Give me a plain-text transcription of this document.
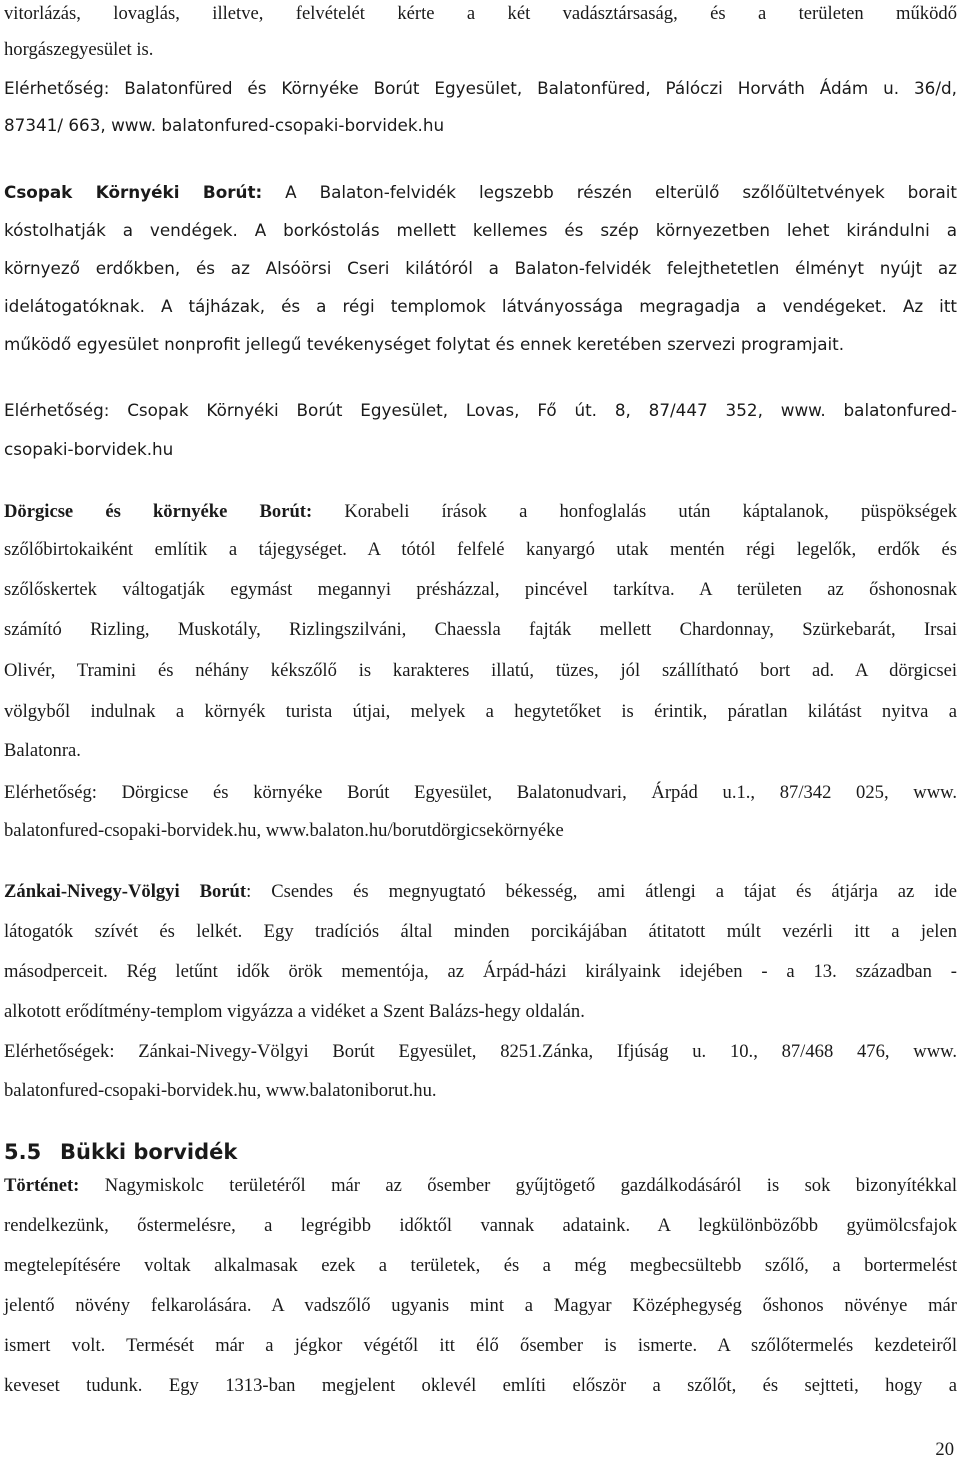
vitorlázás, lovaglás, illetve, felvételét kérte a két vadásztársaság, és a területen működő
horgászegyesület is.
Elérhetőség: Balatonfüred és Környéke Borút Egyesület, Balatonfüred, Pálóczi Horváth Ádám u. 36/d,
87341/ 663, www. balatonfured-csopaki-borvidek.hu
Csopak Környéki Borút: A Balaton-felvidék legszebb részén elterülő szőlőültetvények borait
kóstolhatják a vendégek. A borkóstolás mellett kellemes és szép környezetben lehet kirándulni a
környező erdőkben, és az Alsóörsi Cseri kilátóról a Balaton-felvidék felejthetetlen élményt nyújt az
idelátogatóknak. A tájházak, és a régi templomok látványossága megragadja a vendégeket. Az itt
működő egyesület nonprofit jellegű tevékenységet folytat és ennek keretében szervezi programjait.
Elérhetőség: Csopak Környéki Borút Egyesület, Lovas, Fő út. 8, 87/447 352, www. balatonfured-
csopaki-borvidek.hu
Dörgicse és környéke Borút: Korabeli írások a honfoglalás után káptalanok, püspökségek
szőlőbirtokaiként említik a tájegységet. A tótól felfelé kanyargó utak mentén régi legelők, erdők és
szőlőskertek váltogatják egymást megannyi présházzal, pincével tarkítva. A területen az őshonosnak
számító Rizling, Muskotály, Rizlingszilváni, Chaessla fajták mellett Chardonnay, Szürkebarát, Irsai
Olivér, Tramini és néhány kékszőlő is karakteres illatú, tüzes, jól szállítható bort ad. A dörgicsei
völgyből indulnak a környék turista útjai, melyek a hegytetőket is érintik, páratlan kilátást nyitva a
Balatonra.
Elérhetőség: Dörgicse és környéke Borút Egyesület, Balatonudvari, Árpád u.1., 87/342 025, www.
balatonfured-csopaki-borvidek.hu, www.balaton.hu/borutdörgicsekörnyéke
Zánkai-Nivegy-Völgyi Borút: Csendes és megnyugtató békesség, ami átlengi a tájat és átjárja az ide
látogatók szívét és lelkét. Egy tradíciós által minden porcikájában átitatott múlt vezérli itt a jelen
másodperceit. Rég letűnt idők örök mementója, az Árpád-házi királyaink idejében - a 13. században -
alkotott erődítmény-templom vigyázza a vidéket a Szent Balázs-hegy oldalán.
Elérhetőségek: Zánkai-Nivegy-Völgyi Borút Egyesület, 8251.Zánka, Ifjúság u. 10., 87/468 476, www.
balatonfured-csopaki-borvidek.hu, www.balatoniborut.hu.
5.5 Bükki borvidék
Történet: Nagymiskolc területéről már az ősember gyűjtögető gazdálkodásáról is sok bizonyítékkal
rendelkezünk, őstermelésre, a legrégibb időktől vannak adataink. A legkülönbözőbb gyümölcsfajok
megtelepítésére voltak alkalmasak ezek a területek, és a még megbecsültebb szőlő, a bortermelést
jelentő növény felkarolására. A vadszőlő ugyanis mint a Magyar Középhegység őshonos növénye már
ismert volt. Termését már a jégkor végétől itt élő ősember is ismerte. A szőlőtermelés kezdeteiről
keveset tudunk. Egy 1313-ban megjelent oklevél említi először a szőlőt, és sejtteti, hogy a
20
